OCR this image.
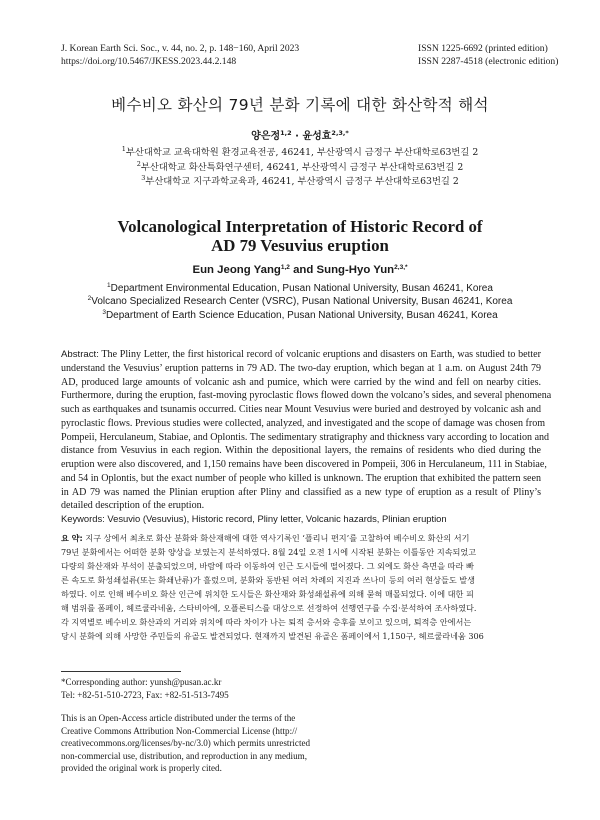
J. Korean Earth Sci. Soc., v. 44, no. 2, p. 148−160, April 2023
https://doi.org/10.5467/JKESS.2023.44.2.148
ISSN 1225-6692 (printed edition)
ISSN 2287-4518 (electronic edition)
베수비오 화산의 79년 분화 기록에 대한 화산학적 해석
양은정$^{1,2}$ · 윤성효$^{2,3,*}$
$^1$부산대학교 교육대학원 환경교육전공, 46241, 부산광역시 금정구 부산대학로63번길 2
$^2$부산대학교 화산특화연구센터, 46241, 부산광역시 금정구 부산대학로63번길 2
$^3$부산대학교 지구과학교육과, 46241, 부산광역시 금정구 부산대학로63번길 2
Volcanological Interpretation of Historic Record of
AD 79 Vesuvius eruption
Eun Jeong Yang$^{1,2}$ and Sung-Hyo Yun$^{2,3,*}$
$^1$Department Environmental Education, Pusan National University, Busan 46241, Korea
$^2$Volcano Specialized Research Center (VSRC), Pusan National University, Busan 46241, Korea
$^3$Department of Earth Science Education, Pusan National University, Busan 46241, Korea
Abstract: The Pliny Letter, the first historical record of volcanic eruptions and disasters on Earth, was studied to better
understand the Vesuvius’ eruption patterns in 79 AD. The two-day eruption, which began at 1 a.m. on August 24th 79
AD, produced large amounts of volcanic ash and pumice, which were carried by the wind and fell on nearby cities.
Furthermore, during the eruption, fast-moving pyroclastic flows flowed down the volcano’s sides, and several phenomena
such as earthquakes and tsunamis occurred. Cities near Mount Vesuvius were buried and destroyed by volcanic ash and
pyroclastic flows. Previous studies were collected, analyzed, and investigated and the scope of damage was chosen from
Pompeii, Herculaneum, Stabiae, and Oplontis. The sedimentary stratigraphy and thickness vary according to location and
distance from Vesuvius in each region. Within the depositional layers, the remains of residents who died during the
eruption were also discovered, and 1,150 remains have been discovered in Pompeii, 306 in Herculaneum, 111 in Stabiae,
and 54 in Oplontis, but the exact number of people who killed is unknown. The eruption that exhibited the pattern seen
in AD 79 was named the Plinian eruption after Pliny and classified as a new type of eruption as a result of Pliny’s
detailed description of the eruption.
Keywords: Vesuvio (Vesuvius), Historic record, Pliny letter, Volcanic hazards, Plinian eruption
요 약: 지구 상에서 최초로 화산 분화와 화산재해에 대한 역사기록인 ‘플리니 편지’를 고찰하여 베수비오 화산의 서기
79년 분화에서는 어떠한 분화 양상을 보였는지 분석하였다. 8월 24일 오전 1시에 시작된 분화는 이틀동안 지속되었고
다량의 화산재와 부석이 분출되었으며, 바람에 따라 이동하여 인근 도시들에 떨어졌다. 그 외에도 화산 측면을 따라 빠
른 속도로 화성쇄설류(또는 화쇄난류)가 흘렀으며, 분화와 동반된 여러 차례의 지진과 쓰나미 등의 여러 현상들도 발생
하였다. 이로 인해 베수비오 화산 인근에 위치한 도시들은 화산재와 화성쇄설류에 의해 묻혀 매몰되었다. 이에 대한 피
해 범위를 폼페이, 헤르쿨라네움, 스타비아에, 오플론티스를 대상으로 선정하여 선행연구를 수집·분석하여 조사하였다.
각 지역별로 베수비오 화산과의 거리와 위치에 따라 차이가 나는 퇴적 층서와 층후를 보이고 있으며, 퇴적층 안에서는
당시 분화에 의해 사망한 주민들의 유골도 발견되었다. 현재까지 발견된 유골은 폼페이에서 1,150구, 헤르쿨라네움 306
*Corresponding author: yunsh@pusan.ac.kr
Tel: +82-51-510-2723, Fax: +82-51-513-7495
This is an Open-Access article distributed under the terms of the
Creative Commons Attribution Non-Commercial License (http://
creativecommons.org/licenses/by-nc/3.0) which permits unrestricted
non-commercial use, distribution, and reproduction in any medium,
provided the original work is properly cited.
